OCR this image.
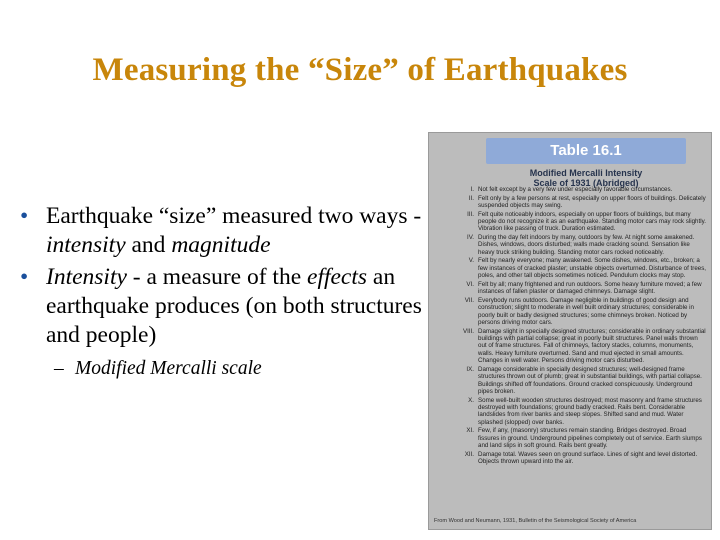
Measuring the “Size” of Earthquakes
• Earthquake “size” measured two ways - intensity and magnitude
• Intensity - a measure of the effects an earthquake produces (on both structures and people)
– Modified Mercalli scale
Table 16.1
Modified Mercalli Intensity
Scale of 1931 (Abridged)
I. Not felt except by a very few under especially favorable circumstances.
II. Felt only by a few persons at rest, especially on upper floors of buildings. Delicately suspended objects may swing.
III. Felt quite noticeably indoors, especially on upper floors of buildings, but many people do not recognize it as an earthquake. Standing motor cars may rock slightly. Vibration like passing of truck. Duration estimated.
IV. During the day felt indoors by many, outdoors by few. At night some awakened. Dishes, windows, doors disturbed; walls made cracking sound. Sensation like heavy truck striking building. Standing motor cars rocked noticeably.
V. Felt by nearly everyone; many awakened. Some dishes, windows, etc., broken; a few instances of cracked plaster; unstable objects overturned. Disturbance of trees, poles, and other tall objects sometimes noticed. Pendulum clocks may stop.
VI. Felt by all; many frightened and run outdoors. Some heavy furniture moved; a few instances of fallen plaster or damaged chimneys. Damage slight.
VII. Everybody runs outdoors. Damage negligible in buildings of good design and construction; slight to moderate in well built ordinary structures; considerable in poorly built or badly designed structures; some chimneys broken. Noticed by persons driving motor cars.
VIII. Damage slight in specially designed structures; considerable in ordinary substantial buildings with partial collapse; great in poorly built structures. Panel walls thrown out of frame structures. Fall of chimneys, factory stacks, columns, monuments, walls. Heavy furniture overturned. Sand and mud ejected in small amounts. Changes in well water. Persons driving motor cars disturbed.
IX. Damage considerable in specially designed structures; well-designed frame structures thrown out of plumb; great in substantial buildings, with partial collapse. Buildings shifted off foundations. Ground cracked conspicuously. Underground pipes broken.
X. Some well-built wooden structures destroyed; most masonry and frame structures destroyed with foundations; ground badly cracked. Rails bent. Considerable landslides from river banks and steep slopes. Shifted sand and mud. Water splashed (slopped) over banks.
XI. Few, if any, (masonry) structures remain standing. Bridges destroyed. Broad fissures in ground. Underground pipelines completely out of service. Earth slumps and land slips in soft ground. Rails bent greatly.
XII. Damage total. Waves seen on ground surface. Lines of sight and level distorted. Objects thrown upward into the air.
From Wood and Neumann, 1931, Bulletin of the Seismological Society of America
